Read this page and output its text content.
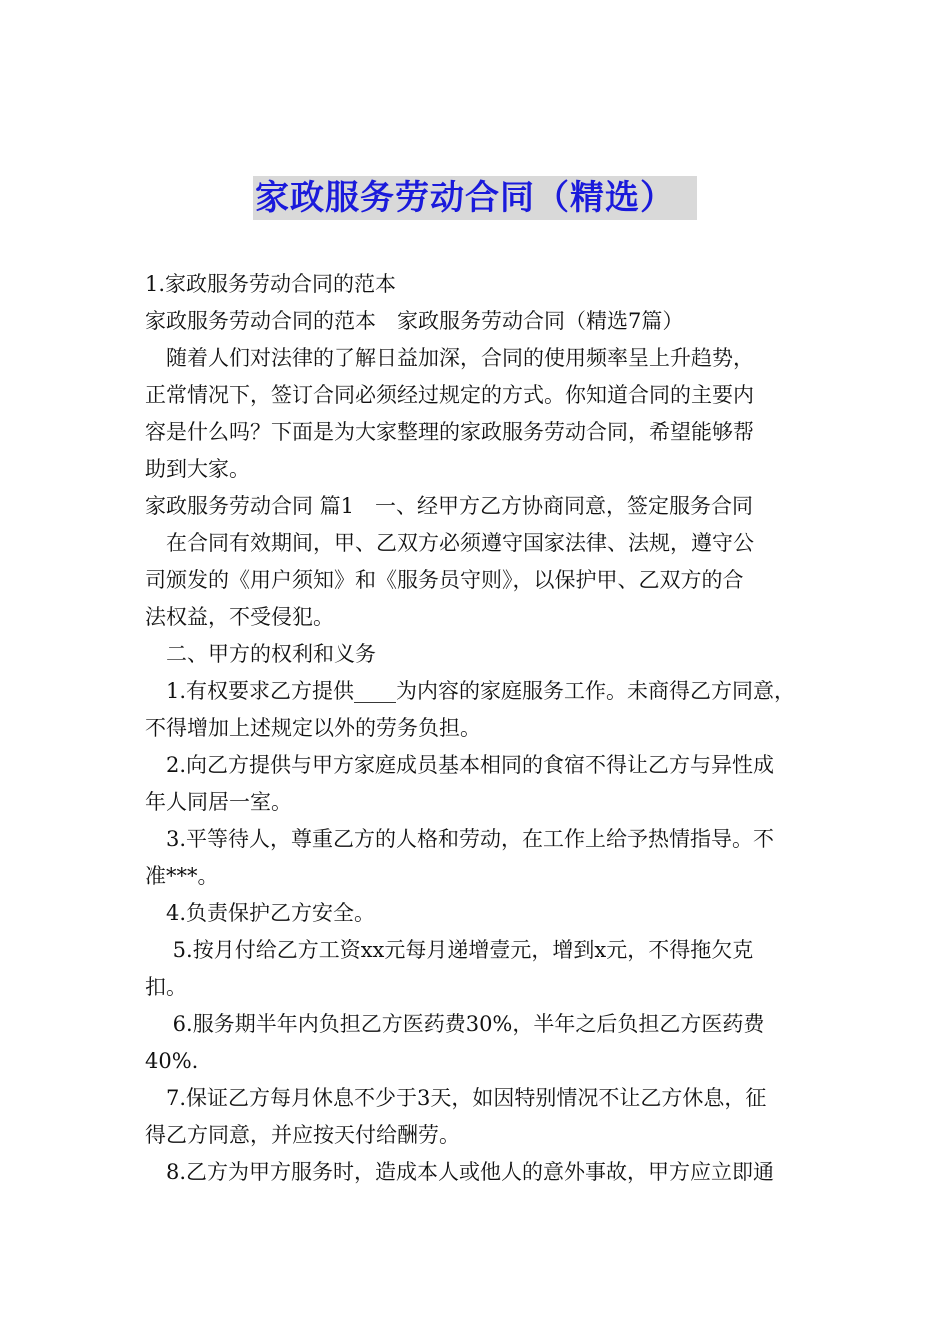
家政服务劳动合同（精选）
1.家政服务劳动合同的范本
家政服务劳动合同的范本　家政服务劳动合同（精选7篇）
　随着人们对法律的了解日益加深，合同的使用频率呈上升趋势，
正常情况下，签订合同必须经过规定的方式。你知道合同的主要内
容是什么吗？下面是为大家整理的家政服务劳动合同，希望能够帮
助到大家。
家政服务劳动合同 篇1　一、经甲方乙方协商同意，签定服务合同
　在合同有效期间，甲、乙双方必须遵守国家法律、法规，遵守公
司颁发的《用户须知》和《服务员守则》，以保护甲、乙双方的合
法权益，不受侵犯。
　二、甲方的权利和义务
　1.有权要求乙方提供____为内容的家庭服务工作。未商得乙方同意，
不得增加上述规定以外的劳务负担。
　2.向乙方提供与甲方家庭成员基本相同的食宿不得让乙方与异性成
年人同居一室。
　3.平等待人，尊重乙方的人格和劳动，在工作上给予热情指导。不
准***。
　4.负责保护乙方安全。
　 5.按月付给乙方工资xx元每月递增壹元，增到x元，不得拖欠克
扣。
　 6.服务期半年内负担乙方医药费30%，半年之后负担乙方医药费
40%.
　7.保证乙方每月休息不少于3天，如因特别情况不让乙方休息，征
得乙方同意，并应按天付给酬劳。
　8.乙方为甲方服务时，造成本人或他人的意外事故，甲方应立即通
